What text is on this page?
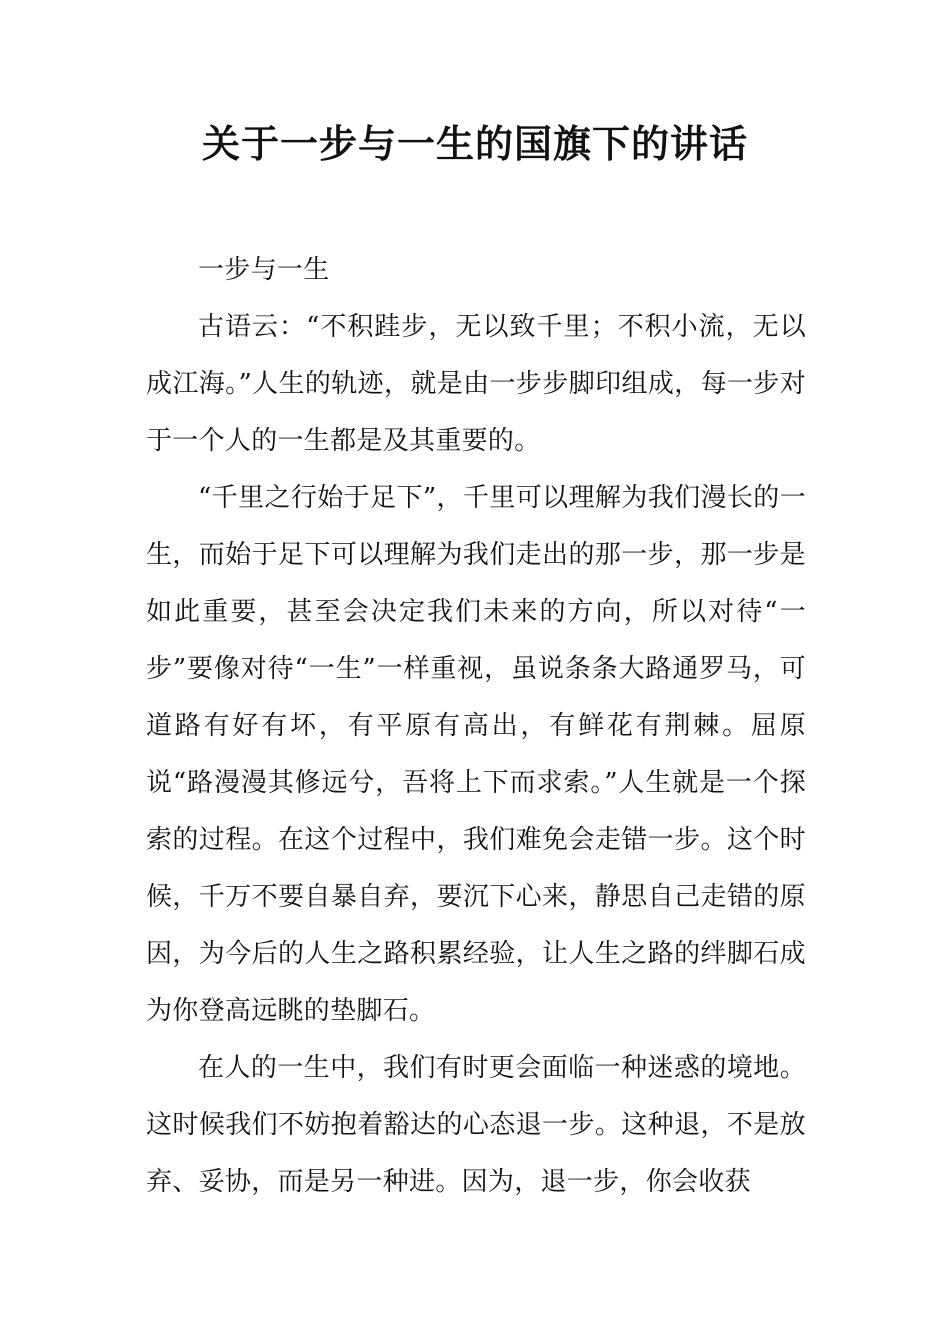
关于一步与一生的国旗下的讲话

一步与一生

古语云：“不积跬步，无以致千里；不积小流，无以成江海。”人生的轨迹，就是由一步步脚印组成，每一步对于一个人的一生都是及其重要的。

“千里之行始于足下”，千里可以理解为我们漫长的一生，而始于足下可以理解为我们走出的那一步，那一步是如此重要，甚至会决定我们未来的方向，所以对待“一步”要像对待“一生”一样重视，虽说条条大路通罗马，可道路有好有坏，有平原有高出，有鲜花有荆棘。屈原说“路漫漫其修远兮，吾将上下而求索。”人生就是一个探索的过程。在这个过程中，我们难免会走错一步。这个时候，千万不要自暴自弃，要沉下心来，静思自己走错的原因，为今后的人生之路积累经验，让人生之路的绊脚石成为你登高远眺的垫脚石。

在人的一生中，我们有时更会面临一种迷惑的境地。这时候我们不妨抱着豁达的心态退一步。这种退，不是放弃、妥协，而是另一种进。因为，退一步，你会收获
